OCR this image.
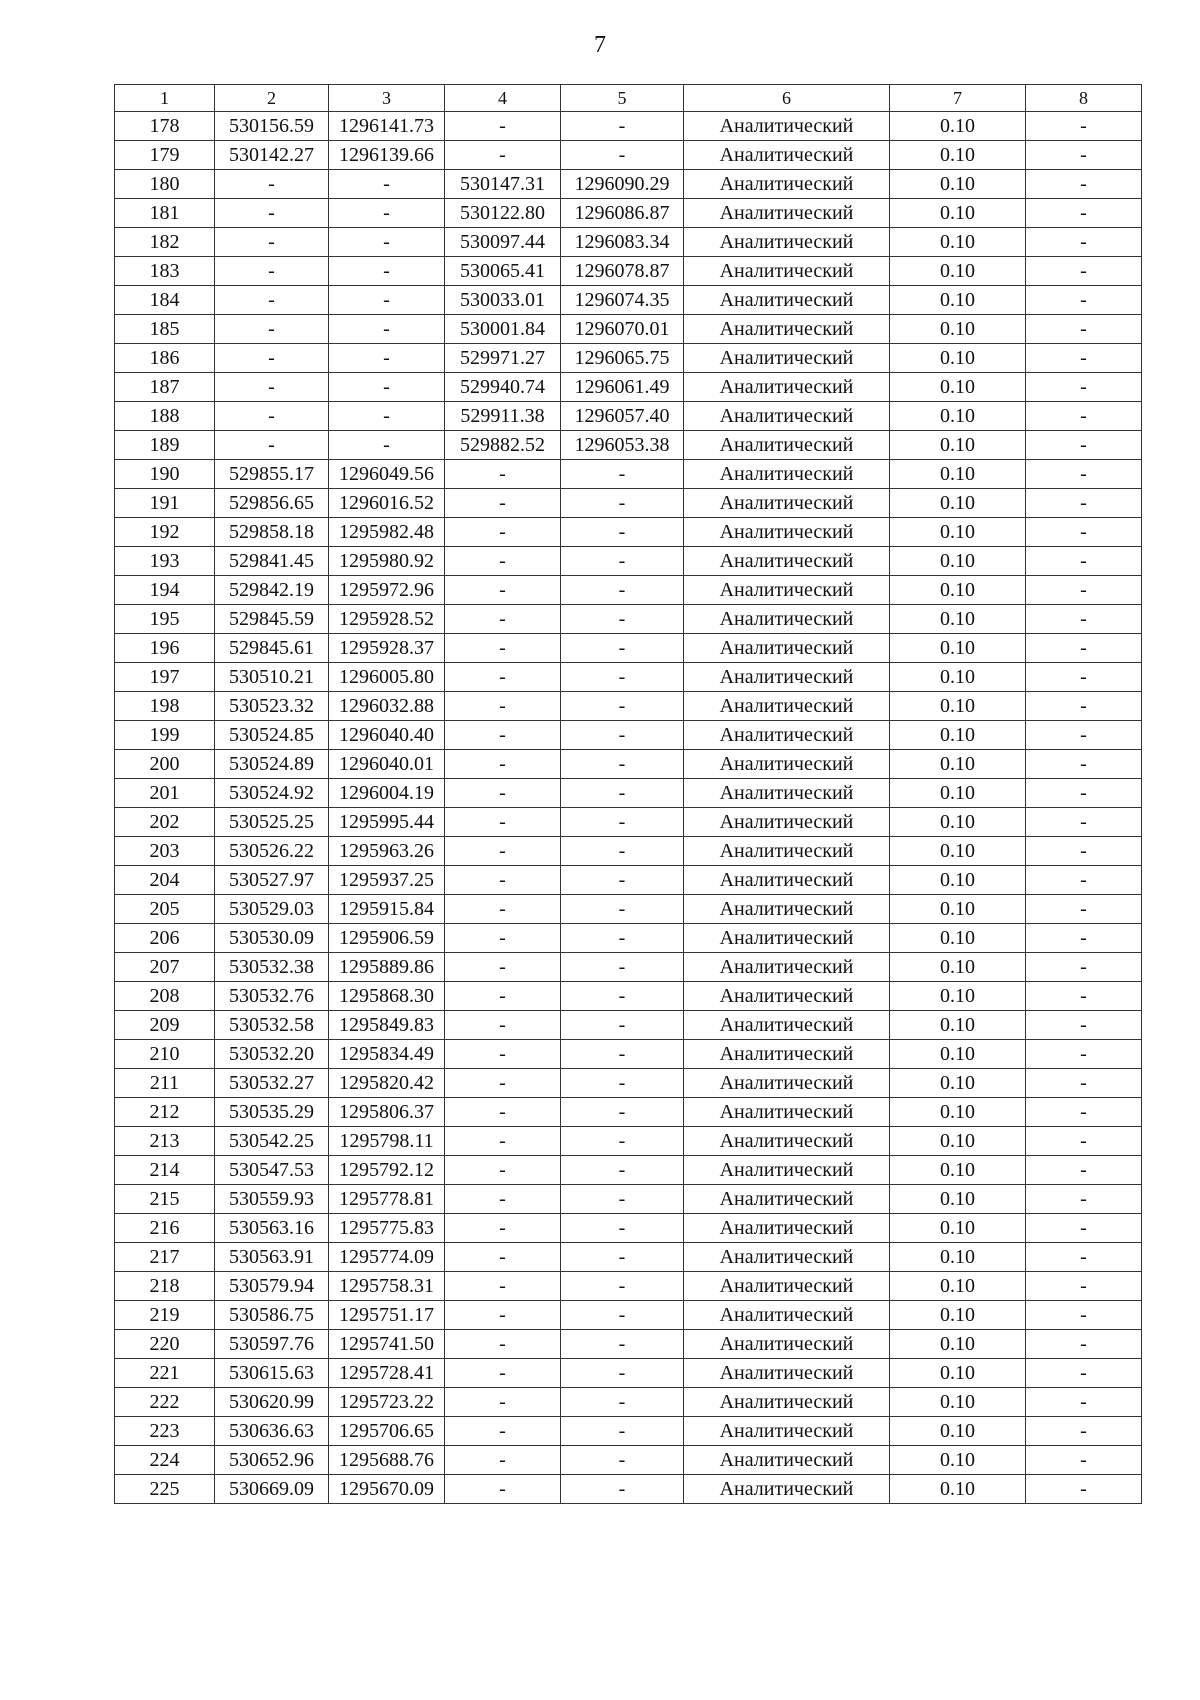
7
1	2	3	4	5	6	7	8
178	530156.59	1296141.73	-	-	Аналитический	0.10	-
179	530142.27	1296139.66	-	-	Аналитический	0.10	-
180	-	-	530147.31	1296090.29	Аналитический	0.10	-
181	-	-	530122.80	1296086.87	Аналитический	0.10	-
182	-	-	530097.44	1296083.34	Аналитический	0.10	-
183	-	-	530065.41	1296078.87	Аналитический	0.10	-
184	-	-	530033.01	1296074.35	Аналитический	0.10	-
185	-	-	530001.84	1296070.01	Аналитический	0.10	-
186	-	-	529971.27	1296065.75	Аналитический	0.10	-
187	-	-	529940.74	1296061.49	Аналитический	0.10	-
188	-	-	529911.38	1296057.40	Аналитический	0.10	-
189	-	-	529882.52	1296053.38	Аналитический	0.10	-
190	529855.17	1296049.56	-	-	Аналитический	0.10	-
191	529856.65	1296016.52	-	-	Аналитический	0.10	-
192	529858.18	1295982.48	-	-	Аналитический	0.10	-
193	529841.45	1295980.92	-	-	Аналитический	0.10	-
194	529842.19	1295972.96	-	-	Аналитический	0.10	-
195	529845.59	1295928.52	-	-	Аналитический	0.10	-
196	529845.61	1295928.37	-	-	Аналитический	0.10	-
197	530510.21	1296005.80	-	-	Аналитический	0.10	-
198	530523.32	1296032.88	-	-	Аналитический	0.10	-
199	530524.85	1296040.40	-	-	Аналитический	0.10	-
200	530524.89	1296040.01	-	-	Аналитический	0.10	-
201	530524.92	1296004.19	-	-	Аналитический	0.10	-
202	530525.25	1295995.44	-	-	Аналитический	0.10	-
203	530526.22	1295963.26	-	-	Аналитический	0.10	-
204	530527.97	1295937.25	-	-	Аналитический	0.10	-
205	530529.03	1295915.84	-	-	Аналитический	0.10	-
206	530530.09	1295906.59	-	-	Аналитический	0.10	-
207	530532.38	1295889.86	-	-	Аналитический	0.10	-
208	530532.76	1295868.30	-	-	Аналитический	0.10	-
209	530532.58	1295849.83	-	-	Аналитический	0.10	-
210	530532.20	1295834.49	-	-	Аналитический	0.10	-
211	530532.27	1295820.42	-	-	Аналитический	0.10	-
212	530535.29	1295806.37	-	-	Аналитический	0.10	-
213	530542.25	1295798.11	-	-	Аналитический	0.10	-
214	530547.53	1295792.12	-	-	Аналитический	0.10	-
215	530559.93	1295778.81	-	-	Аналитический	0.10	-
216	530563.16	1295775.83	-	-	Аналитический	0.10	-
217	530563.91	1295774.09	-	-	Аналитический	0.10	-
218	530579.94	1295758.31	-	-	Аналитический	0.10	-
219	530586.75	1295751.17	-	-	Аналитический	0.10	-
220	530597.76	1295741.50	-	-	Аналитический	0.10	-
221	530615.63	1295728.41	-	-	Аналитический	0.10	-
222	530620.99	1295723.22	-	-	Аналитический	0.10	-
223	530636.63	1295706.65	-	-	Аналитический	0.10	-
224	530652.96	1295688.76	-	-	Аналитический	0.10	-
225	530669.09	1295670.09	-	-	Аналитический	0.10	-
